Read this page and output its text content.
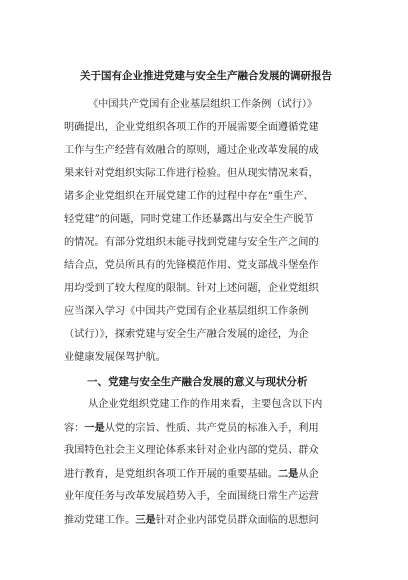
关于国有企业推进党建与安全生产融合发展的调研报告
《中国共产党国有企业基层组织工作条例（试行）》
明确提出，企业党组织各项工作的开展需要全面遵循党建
工作与生产经营有效融合的原则，通过企业改革发展的成
果来针对党组织实际工作进行检验。但从现实情况来看，
诸多企业党组织在开展党建工作的过程中存在“重生产、
轻党建”的问题，同时党建工作还暴露出与安全生产脱节
的情况。有部分党组织未能寻找到党建与安全生产之间的
结合点，党员所具有的先锋模范作用、党支部战斗堡垒作
用均受到了较大程度的限制。针对上述问题，企业党组织
应当深入学习《中国共产党国有企业基层组织工作条例
（试行）》，探索党建与安全生产融合发展的途径，为企
业健康发展保驾护航。
一、党建与安全生产融合发展的意义与现状分析
从企业党组织党建工作的作用来看，主要包含以下内
容：一是从党的宗旨、性质、共产党员的标准入手，利用
我国特色社会主义理论体系来针对企业内部的党员、群众
进行教育，是党组织各项工作开展的重要基础。二是从企
业年度任务与改革发展趋势入手，全面围绕日常生产运营
推动党建工作。三是针对企业内部党员群众面临的思想问
